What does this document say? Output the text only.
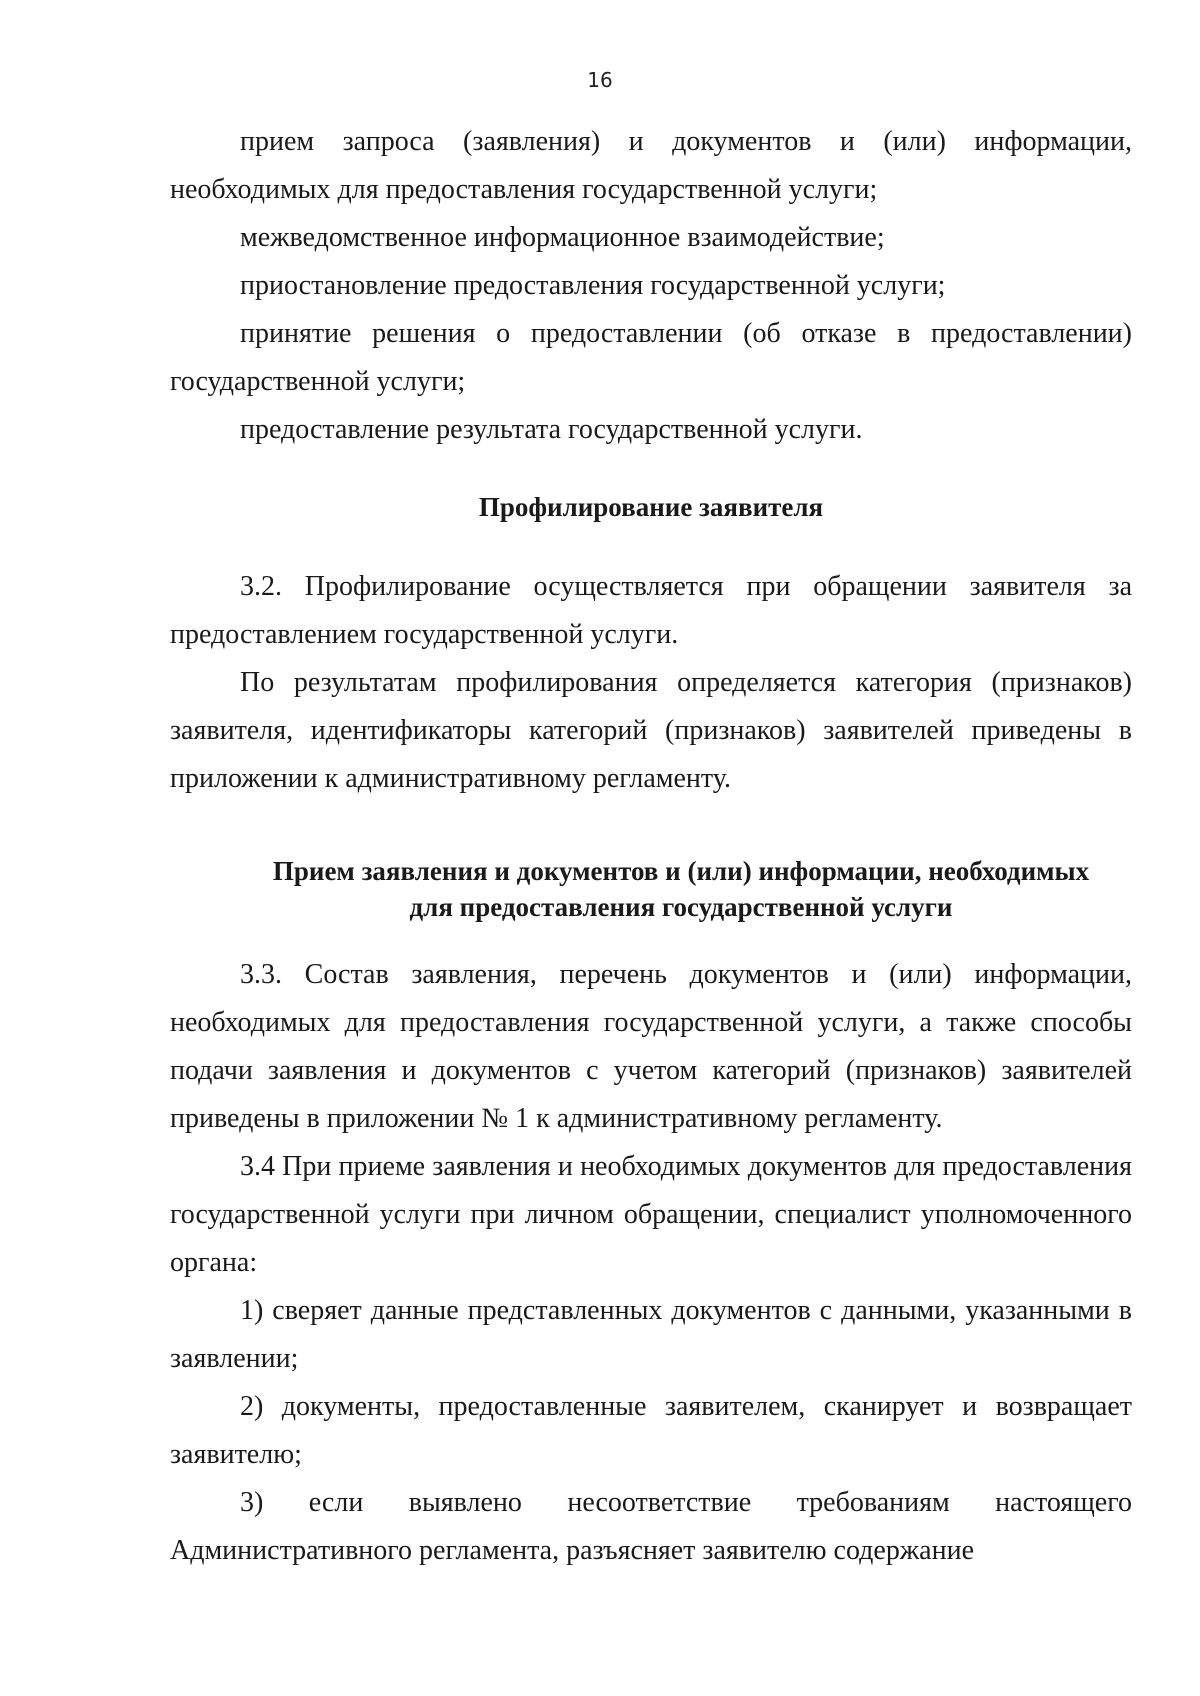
16

прием запроса (заявления) и документов и (или) информации, необходимых для предоставления государственной услуги;

межведомственное информационное взаимодействие;

приостановление предоставления государственной услуги;

принятие решения о предоставлении (об отказе в предоставлении) государственной услуги;

предоставление результата государственной услуги.

Профилирование заявителя

3.2. Профилирование осуществляется при обращении заявителя за предоставлением государственной услуги.

По результатам профилирования определяется категория (признаков) заявителя, идентификаторы категорий (признаков) заявителей приведены в приложении к административному регламенту.

Прием заявления и документов и (или) информации, необходимых
для предоставления государственной услуги

3.3. Состав заявления, перечень документов и (или) информации, необходимых для предоставления государственной услуги, а также способы подачи заявления и документов с учетом категорий (признаков) заявителей приведены в приложении № 1 к административному регламенту.

3.4 При приеме заявления и необходимых документов для предоставления государственной услуги при личном обращении, специалист уполномоченного органа:

1) сверяет данные представленных документов с данными, указанными в заявлении;

2) документы, предоставленные заявителем, сканирует и возвращает заявителю;

3) если выявлено несоответствие требованиям настоящего Административного регламента, разъясняет заявителю содержание
